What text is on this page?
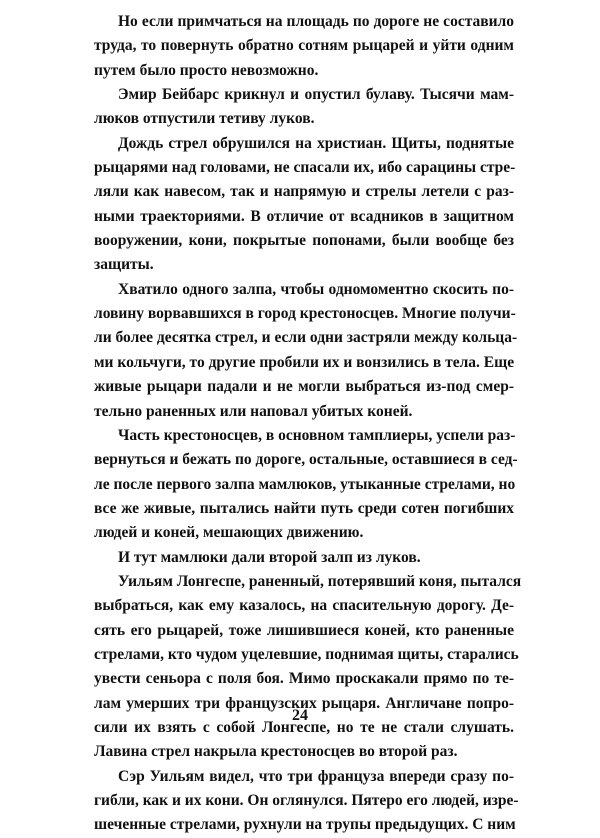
Но если примчаться на площадь по дороге не составило
труда, то повернуть обратно сотням рыцарей и уйти одним
путем было просто невозможно.
Эмир Бейбарс крикнул и опустил булаву. Тысячи мам-
люков отпустили тетиву луков.
Дождь стрел обрушился на христиан. Щиты, поднятые
рыцарями над головами, не спасали их, ибо сарацины стре-
ляли как навесом, так и напрямую и стрелы летели с раз-
ными траекториями. В отличие от всадников в защитном
вооружении, кони, покрытые попонами, были вообще без
защиты.
Хватило одного залпа, чтобы одномоментно скосить по-
ловину ворвавшихся в город крестоносцев. Многие получи-
ли более десятка стрел, и если одни застряли между кольца-
ми кольчуги, то другие пробили их и вонзились в тела. Еще
живые рыцари падали и не могли выбраться из-под смер-
тельно раненных или наповал убитых коней.
Часть крестоносцев, в основном тамплиеры, успели раз-
вернуться и бежать по дороге, остальные, оставшиеся в сед-
ле после первого залпа мамлюков, утыканные стрелами, но
все же живые, пытались найти путь среди сотен погибших
людей и коней, мешающих движению.
И тут мамлюки дали второй залп из луков.
Уильям Лонгеспе, раненный, потерявший коня, пытался
выбраться, как ему казалось, на спасительную дорогу. Де-
сять его рыцарей, тоже лишившиеся коней, кто раненные
стрелами, кто чудом уцелевшие, поднимая щиты, старались
увести сеньора с поля боя. Мимо проскакали прямо по те-
лам умерших три французских рыцаря. Англичане попро-
сили их взять с собой Лонгеспе, но те не стали слушать.
Лавина стрел накрыла крестоносцев во второй раз.
Сэр Уильям видел, что три француза впереди сразу по-
гибли, как и их кони. Он оглянулся. Пятеро его людей, изре-
шеченные стрелами, рухнули на трупы предыдущих. С ним
24
